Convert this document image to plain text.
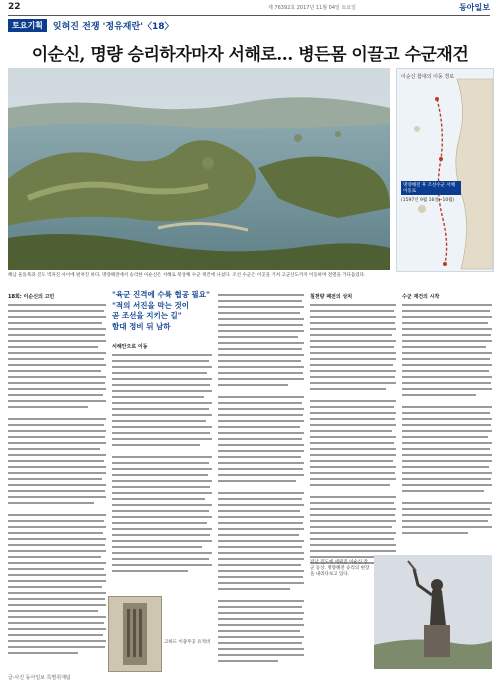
22	제 76392호 2017년 11월 04일 토요일	동아일보
토요기획	잊혀진 전쟁 '정유재란'〈18〉
이순신, 명량 승리하자마자 서해로… 병든몸 이끌고 수군재건
이순신 함대의 이동 경로
명량해전 후 조선수군 서해 이동로
(1597년 9월 16일~10월)
해남 울돌목과 진도 벽파진 사이에 펼쳐진 바다. 명량해전에서 승리한 이순신은 서해로 북상해 수군 재건에 나섰다. 조선 수군은 이곳을 거쳐 고군산도까지 이동하며 전열을 가다듬었다.
18회: 이순신의 고민	"육군 진격에 수륙 협공 필요"
"적의 서진을 막는 것이
곧 조선을 지키는 길"
함대 정비 뒤 남하
서해안으로 이동
칠천량 패전의 상처	수군 재건의 시작
고하도 이충무공 유적비
전남 진도에 세워진 이순신 장군 동상. 명량해전 승리의 현장을 내려다보고 있다.
글·사진 동아일보 특별취재팀
